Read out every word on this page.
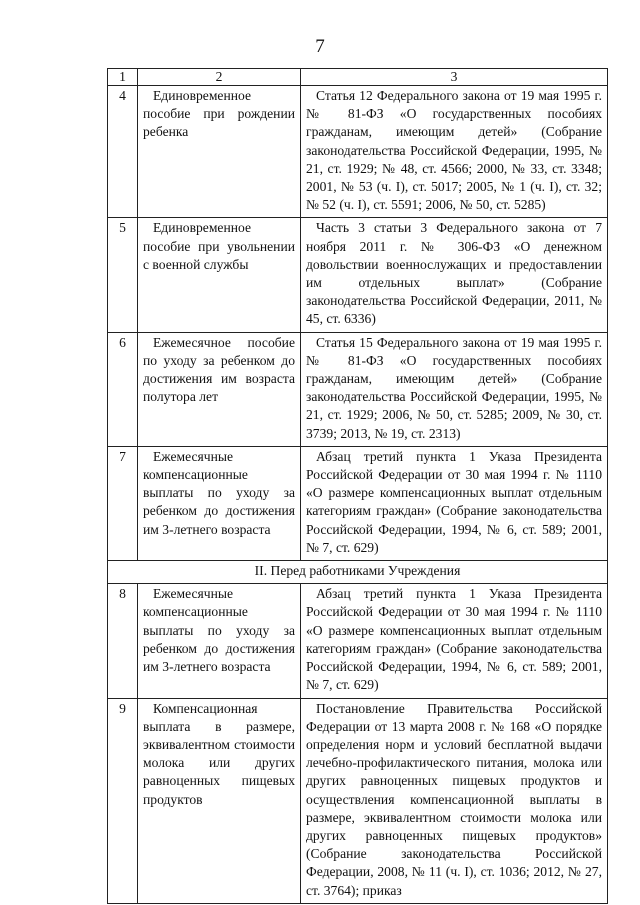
7
1	2	3
4	Единовременное пособие при рождении ребенка	Статья 12 Федерального закона от 19 мая 1995 г. № 81-ФЗ «О государственных пособиях гражданам, имеющим детей» (Собрание законодательства Российской Федерации, 1995, № 21, ст. 1929; № 48, ст. 4566; 2000, № 33, ст. 3348; 2001, № 53 (ч. I), ст. 5017; 2005, № 1 (ч. I), ст. 32; № 52 (ч. I), ст. 5591; 2006, № 50, ст. 5285)
5	Единовременное пособие при увольнении с военной службы	Часть 3 статьи 3 Федерального закона от 7 ноября 2011 г. № 306-ФЗ «О денежном довольствии военнослужащих и предоставлении им отдельных выплат» (Собрание законодательства Российской Федерации, 2011, № 45, ст. 6336)
6	Ежемесячное пособие по уходу за ребенком до достижения им возраста полутора лет	Статья 15 Федерального закона от 19 мая 1995 г. № 81-ФЗ «О государственных пособиях гражданам, имеющим детей» (Собрание законодательства Российской Федерации, 1995, № 21, ст. 1929; 2006, № 50, ст. 5285; 2009, № 30, ст. 3739; 2013, № 19, ст. 2313)
7	Ежемесячные компенсационные выплаты по уходу за ребенком до достижения им 3-летнего возраста	Абзац третий пункта 1 Указа Президента Российской Федерации от 30 мая 1994 г. № 1110 «О размере компенсационных выплат отдельным категориям граждан» (Собрание законодательства Российской Федерации, 1994, № 6, ст. 589; 2001, № 7, ст. 629)
II. Перед работниками Учреждения		
8	Ежемесячные компенсационные выплаты по уходу за ребенком до достижения им 3-летнего возраста	Абзац третий пункта 1 Указа Президента Российской Федерации от 30 мая 1994 г. № 1110 «О размере компенсационных выплат отдельным категориям граждан» (Собрание законодательства Российской Федерации, 1994, № 6, ст. 589; 2001, № 7, ст. 629)
9	Компенсационная выплата в размере, эквивалентном стоимости молока или других равноценных пищевых продуктов	Постановление Правительства Российской Федерации от 13 марта 2008 г. № 168 «О порядке определения норм и условий бесплатной выдачи лечебно-профилактического питания, молока или других равноценных пищевых продуктов и осуществления компенсационной выплаты в размере, эквивалентном стоимости молока или других равноценных пищевых продуктов» (Собрание законодательства Российской Федерации, 2008, № 11 (ч. I), ст. 1036; 2012, № 27, ст. 3764); приказ
